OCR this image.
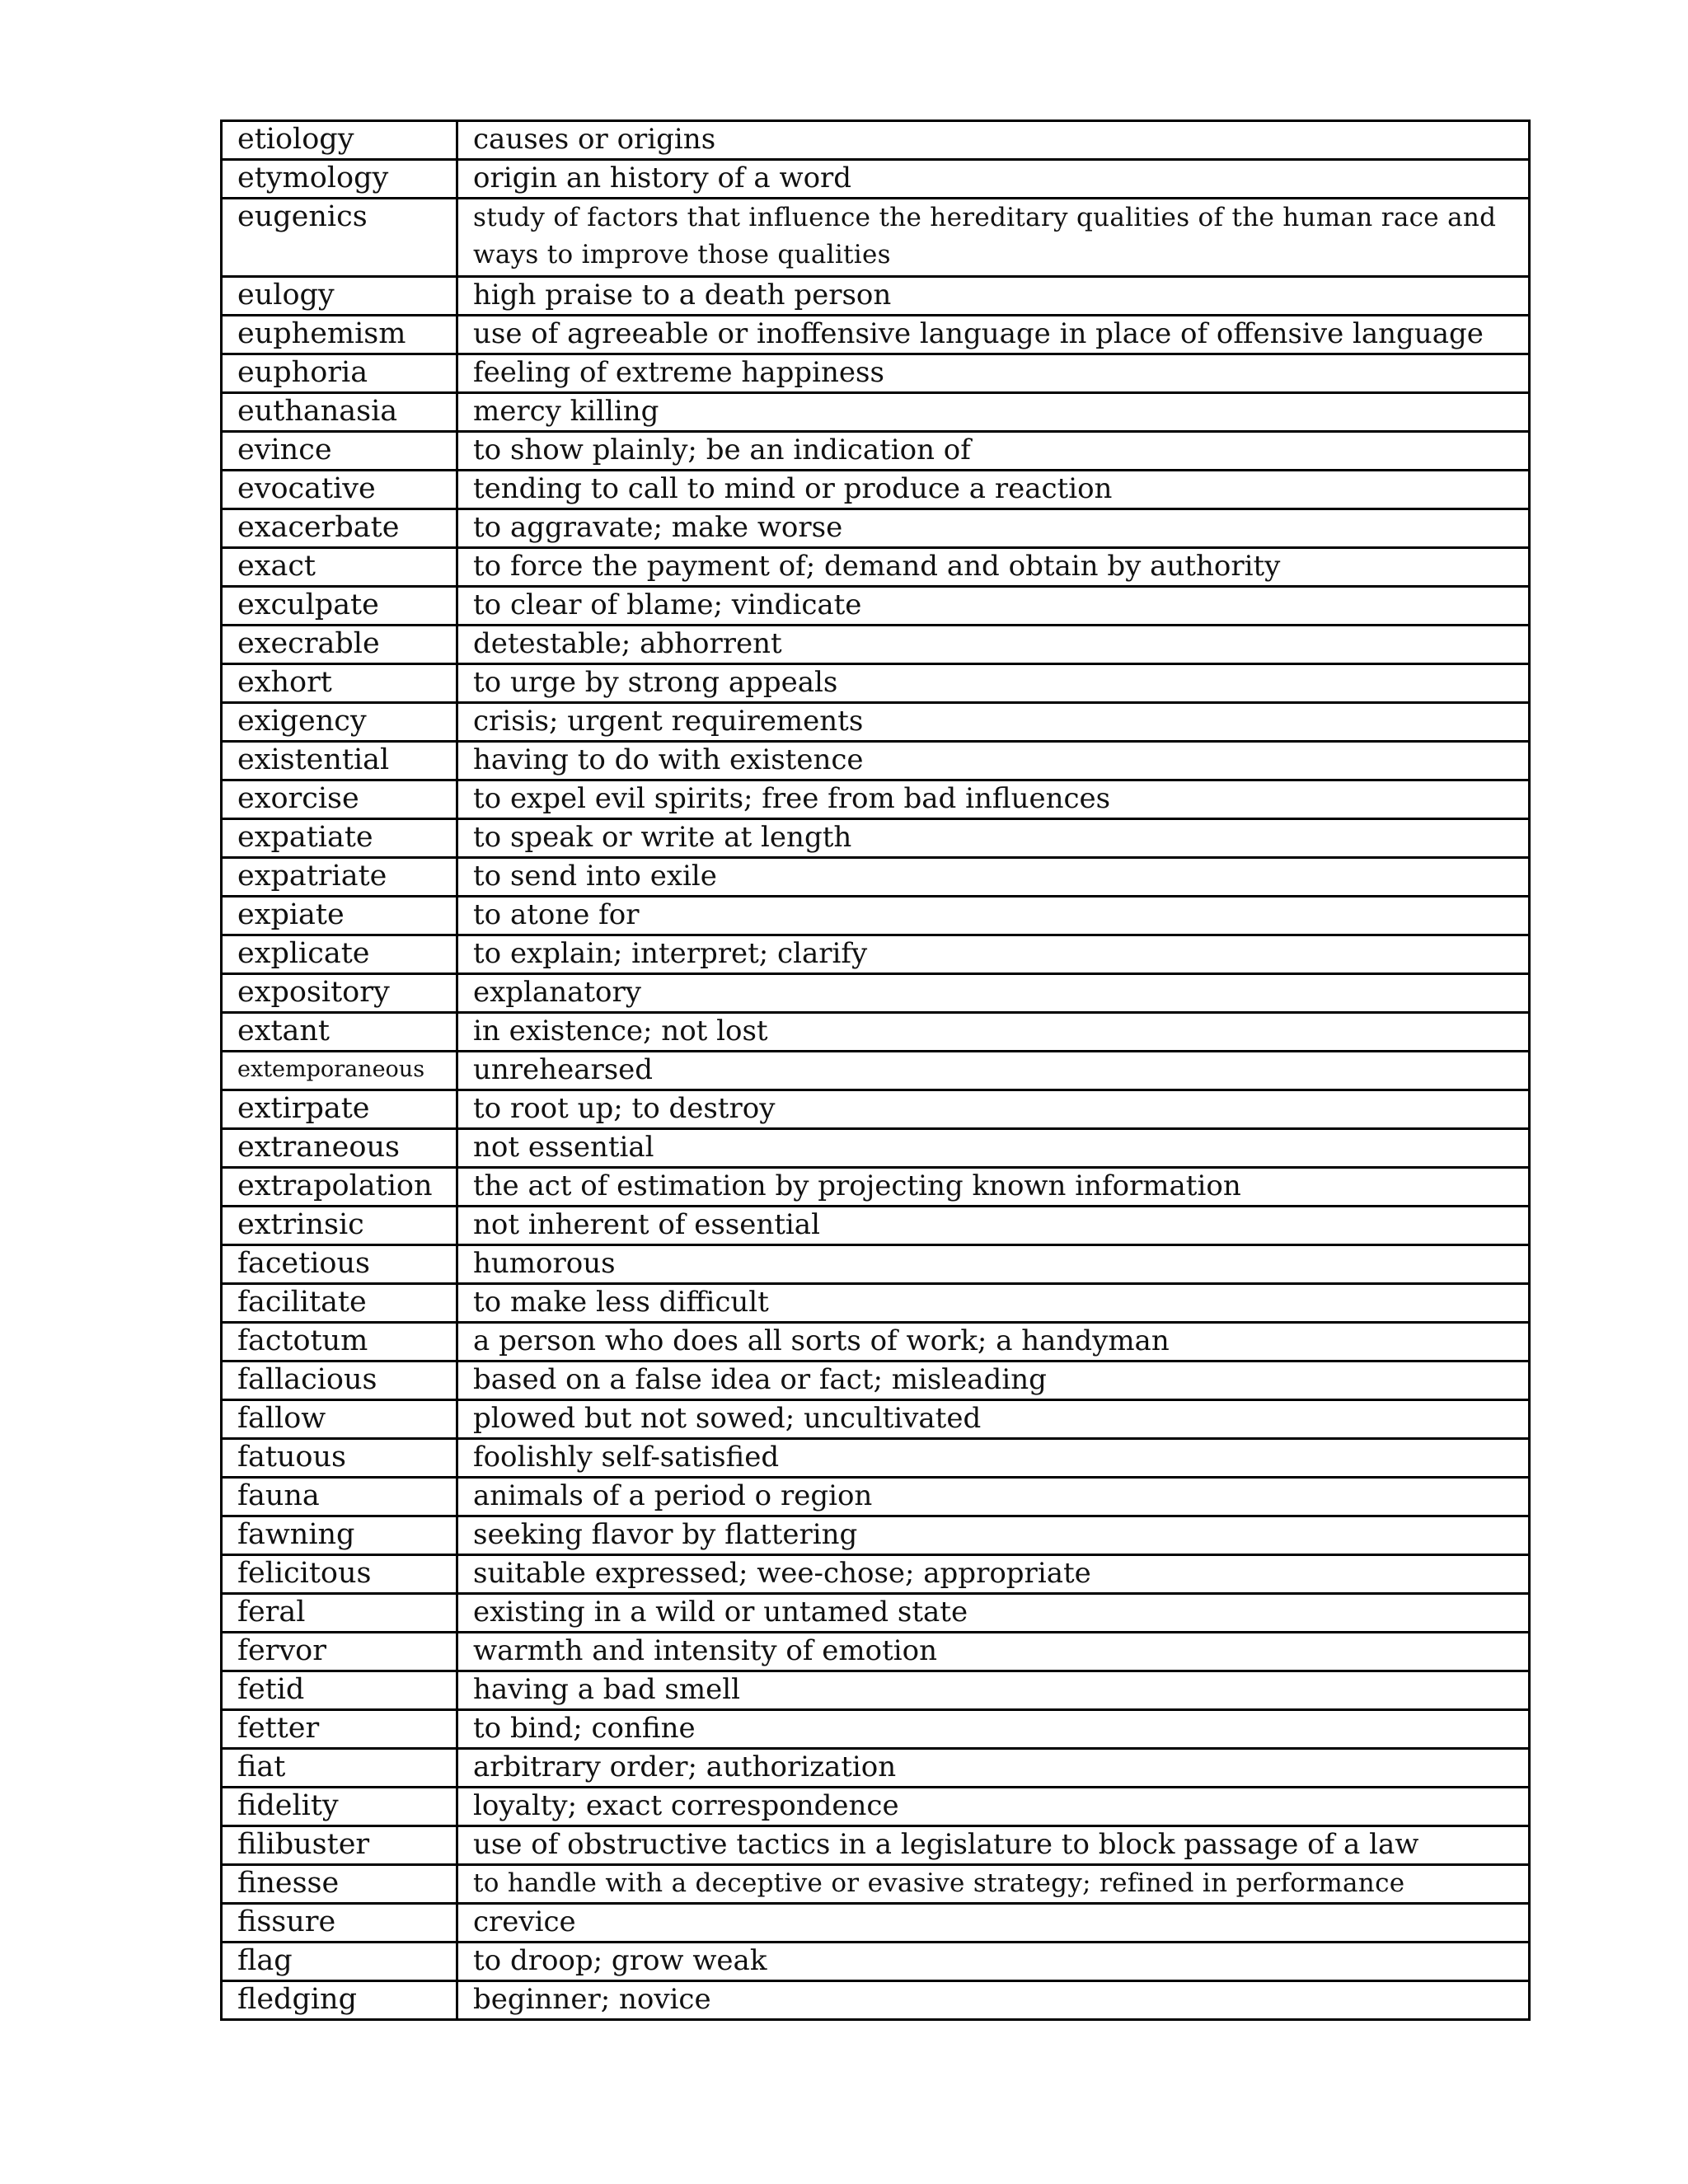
etiology	causes or origins
etymology	origin an history of a word
eugenics	study of factors that influence the hereditary qualities of the human race and ways to improve those qualities
eulogy	high praise to a death person
euphemism	use of agreeable or inoffensive language in place of offensive language
euphoria	feeling of extreme happiness
euthanasia	mercy killing
evince	to show plainly; be an indication of
evocative	tending to call to mind or produce a reaction
exacerbate	to aggravate; make worse
exact	to force the payment of; demand and obtain by authority
exculpate	to clear of blame; vindicate
execrable	detestable; abhorrent
exhort	to urge by strong appeals
exigency	crisis; urgent requirements
existential	having to do with existence
exorcise	to expel evil spirits; free from bad influences
expatiate	to speak or write at length
expatriate	to send into exile
expiate	to atone for
explicate	to explain; interpret; clarify
expository	explanatory
extant	in existence; not lost
extemporaneous	unrehearsed
extirpate	to root up; to destroy
extraneous	not essential
extrapolation	the act of estimation by projecting known information
extrinsic	not inherent of essential
facetious	humorous
facilitate	to make less difficult
factotum	a person who does all sorts of work; a handyman
fallacious	based on a false idea or fact; misleading
fallow	plowed but not sowed; uncultivated
fatuous	foolishly self-satisfied
fauna	animals of a period o region
fawning	seeking flavor by flattering
felicitous	suitable expressed; wee-chose; appropriate
feral	existing in a wild or untamed state
fervor	warmth and intensity of emotion
fetid	having a bad smell
fetter	to bind; confine
fiat	arbitrary order; authorization
fidelity	loyalty; exact correspondence
filibuster	use of obstructive tactics in a legislature to block passage of a law
finesse	to handle with a deceptive or evasive strategy; refined in performance
fissure	crevice
flag	to droop; grow weak
fledging	beginner; novice
